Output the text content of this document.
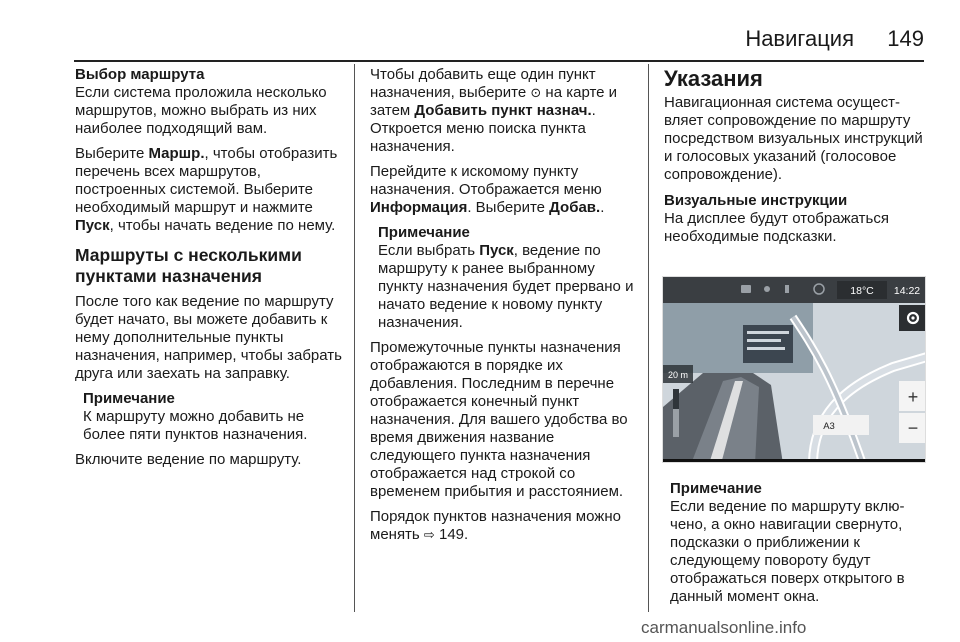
Навигация 149
Выбор маршрута

Если система проложила несколько маршрутов, можно выбрать из них наиболее подходящий вам.

Выберите Маршр., чтобы отобразить перечень всех маршрутов, построенных системой. Выберите необходимый маршрут и нажмите Пуск, чтобы начать ведение по нему.

Маршруты с несколькими пунктами назначения

После того как ведение по маршруту будет начато, вы можете добавить к нему дополнительные пункты назначения, например, чтобы забрать друга или заехать на заправку.

Примечание

К маршруту можно добавить не более пяти пунктов назначения.

Включите ведение по маршруту.

Чтобы добавить еще один пункт назначения, выберите ⊙ на карте и затем Добавить пункт назнач.. Откроется меню поиска пункта назначения.

Перейдите к искомому пункту назначения. Отображается меню Информация. Выберите Добав..

Примечание

Если выбрать Пуск, ведение по маршруту к ранее выбранному пункту назначения будет прервано и начато ведение к новому пункту назначения.

Промежуточные пункты назначения отображаются в порядке их добавления. Последним в перечне отображается конечный пункт назначения. Для вашего удобства во время движения название следующего пункта назначения отображается над строкой со временем прибытия и расстоянием.

Порядок пунктов назначения можно менять ⇨ 149.

Указания

Навигационная система осуществляет сопровождение по маршруту посредством визуальных инструкций и голосовых указаний (голосовое сопровождение).

Визуальные инструкции

На дисплее будут отображаться необходимые подсказки.

18°C 14:22
20 m
A3
+
−
Примечание

Если ведение по маршруту включено, а окно навигации свернуто, подсказки о приближении к следующему повороту будут отображаться поверх открытого в данный момент окна.

carmanualsonline.info
